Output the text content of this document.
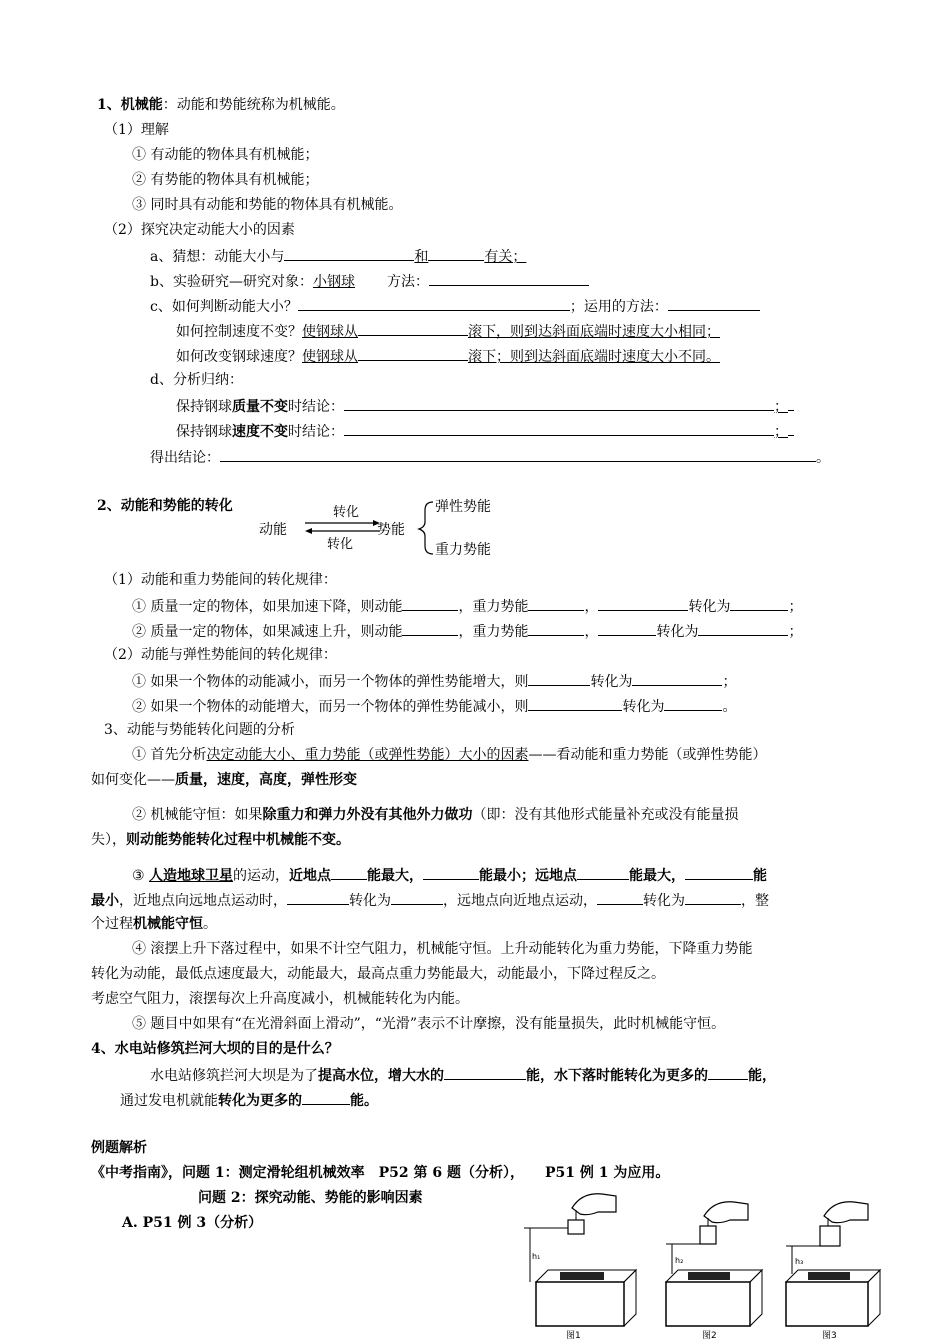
1、机械能：动能和势能统称为机械能。
（1）理解
① 有动能的物体具有机械能；
② 有势能的物体具有机械能；
③ 同时具有动能和势能的物体具有机械能。
（2）探究决定动能大小的因素
a、猜想：动能大小与	和	有关；
b、实验研究—研究对象：小钢球 方法：
c、如何判断动能大小？	；运用的方法：
如何控制速度不变？使钢球从	滚下，则到达斜面底端时速度大小相同；
如何改变钢球速度？使钢球从	滚下；则到达斜面底端时速度大小不同。
d、分析归纳：
保持钢球质量不变时结论：	；
保持钢球速度不变时结论：	；
得出结论：	。
2、动能和势能的转化
动能
转化
转化
势能
弹性势能
重力势能
（1）动能和重力势能间的转化规律：
① 质量一定的物体，如果加速下降，则动能	，重力势能	，	转化为	；
② 质量一定的物体，如果减速上升，则动能	，重力势能	，	转化为	；
（2）动能与弹性势能间的转化规律：
① 如果一个物体的动能减小，而另一个物体的弹性势能增大，则	转化为	；
② 如果一个物体的动能增大，而另一个物体的弹性势能减小，则	转化为	。
3、动能与势能转化问题的分析
① 首先分析决定动能大小、重力势能（或弹性势能）大小的因素——看动能和重力势能（或弹性势能）
如何变化——质量，速度，高度，弹性形变
② 机械能守恒：如果除重力和弹力外没有其他外力做功（即：没有其他形式能量补充或没有能量损
失），则动能势能转化过程中机械能不变。
③ 人造地球卫星的运动，近地点	能最大，	能最小；远地点	能最大，	能
最小，近地点向远地点运动时，	转化为	，远地点向近地点运动，	转化为	，整
个过程机械能守恒。
④ 滚摆上升下落过程中，如果不计空气阻力，机械能守恒。上升动能转化为重力势能，下降重力势能
转化为动能，最低点速度最大，动能最大，最高点重力势能最大，动能最小，下降过程反之。
考虑空气阻力，滚摆每次上升高度减小，机械能转化为内能。
⑤ 题目中如果有“在光滑斜面上滑动”，“光滑”表示不计摩擦，没有能量损失，此时机械能守恒。
4、水电站修筑拦河大坝的目的是什么？
水电站修筑拦河大坝是为了提高水位，增大水的	能，水下落时能转化为更多的	能，
通过发电机就能转化为更多的	能。
例题解析
《中考指南》，问题 1：测定滑轮组机械效率　P52 第 6 题（分析），　　P51 例 1 为应用。
问题 2：探究动能、势能的影响因素
A. P51 例 3（分析）
h₁
图1
h₂
图2
h₃
图3
